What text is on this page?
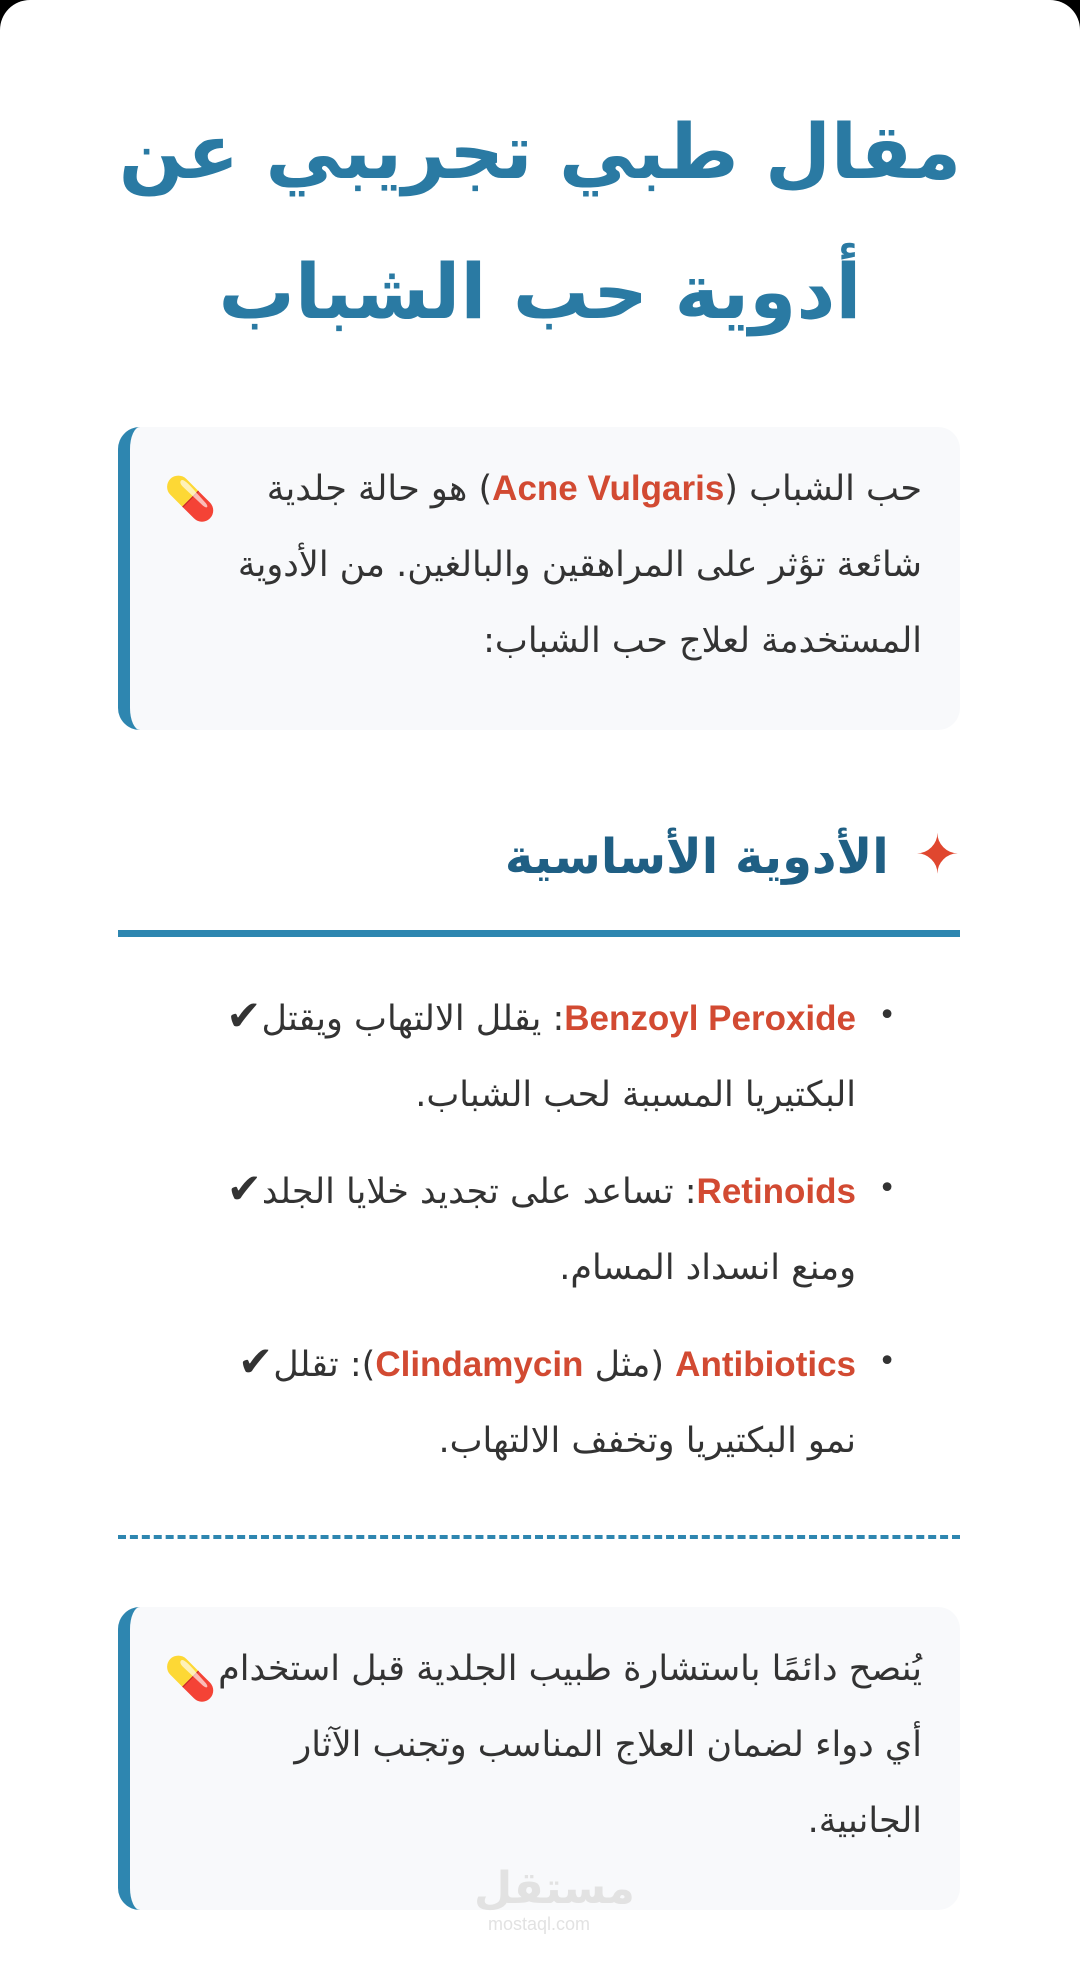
مقال طبي تجريبي عن
أدوية حب الشباب
حب الشباب (Acne Vulgaris) هو حالة جلدية شائعة تؤثر على المراهقين والبالغين. من الأدوية المستخدمة لعلاج حب الشباب:
💊
✦الأدوية الأساسية
•
Benzoyl Peroxide: يقلل الالتهاب ويقتل✔ البكتيريا المسببة لحب الشباب.
•
Retinoids: تساعد على تجديد خلايا الجلد✔ ومنع انسداد المسام.
•
Antibiotics (مثل Clindamycin): تقلل✔ نمو البكتيريا وتخفف الالتهاب.
يُنصح دائمًا باستشارة طبيب الجلدية قبل استخدام أي دواء لضمان العلاج المناسب وتجنب الآثار الجانبية.
💊
مستقل
mostaql.com
